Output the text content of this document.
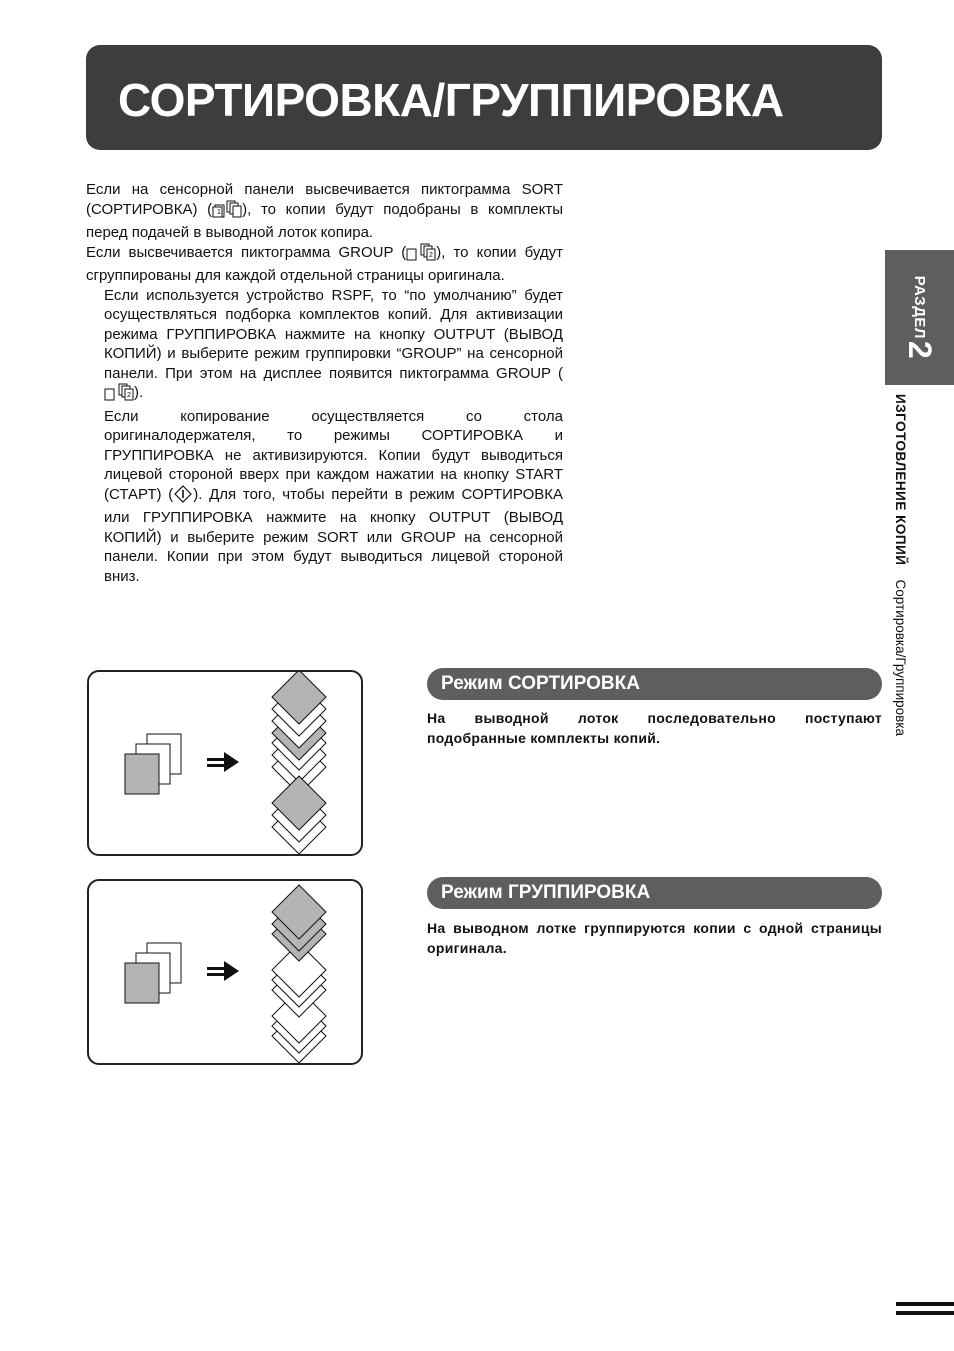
СОРТИРОВКА/ГРУППИРОВКА

Если на сенсорной панели высвечивается пиктограмма SORT (СОРТИРОВКА) ( 1 ), то копии будут подобраны в комплекты перед подачей в выводной лоток копира.

Если высвечивается пиктограмма GROUP (	2 ), то копии будут сгруппированы для каждой отдельной страницы оригинала.

Если используется устройство RSPF, то “по умолчанию” будет осуществляться подборка комплектов копий. Для активизации режима ГРУППИРОВКА нажмите на кнопку OUTPUT (ВЫВОД КОПИЙ) и выберите режим группировки “GROUP” на сенсорной панели. При этом на дисплее появится пиктограмма GROUP (
2 ).

Если копирование осуществляется со стола оригиналодержателя, то режимы СОРТИРОВКА и ГРУППИРОВКА не активизируются. Копии будут выводиться лицевой стороной вверх при каждом нажатии на кнопку START (СТАРТ) ( ). Для того, чтобы перейти в режим СОРТИРОВКА или ГРУППИРОВКА нажмите на кнопку OUTPUT (ВЫВОД КОПИЙ) и выберите режим SORT или GROUP на сенсорной панели. Копии при этом будут выводиться лицевой стороной вниз.

РАЗДЕЛ
2
ИЗГОТОВЛЕНИЕ КОПИЙСортировка/Группировка
Режим СОРТИРОВКА
На выводной лоток последовательно поступают подобранные комплекты копий.
Режим ГРУППИРОВКА
На выводном лотке группируются копии с одной страницы оригинала.
